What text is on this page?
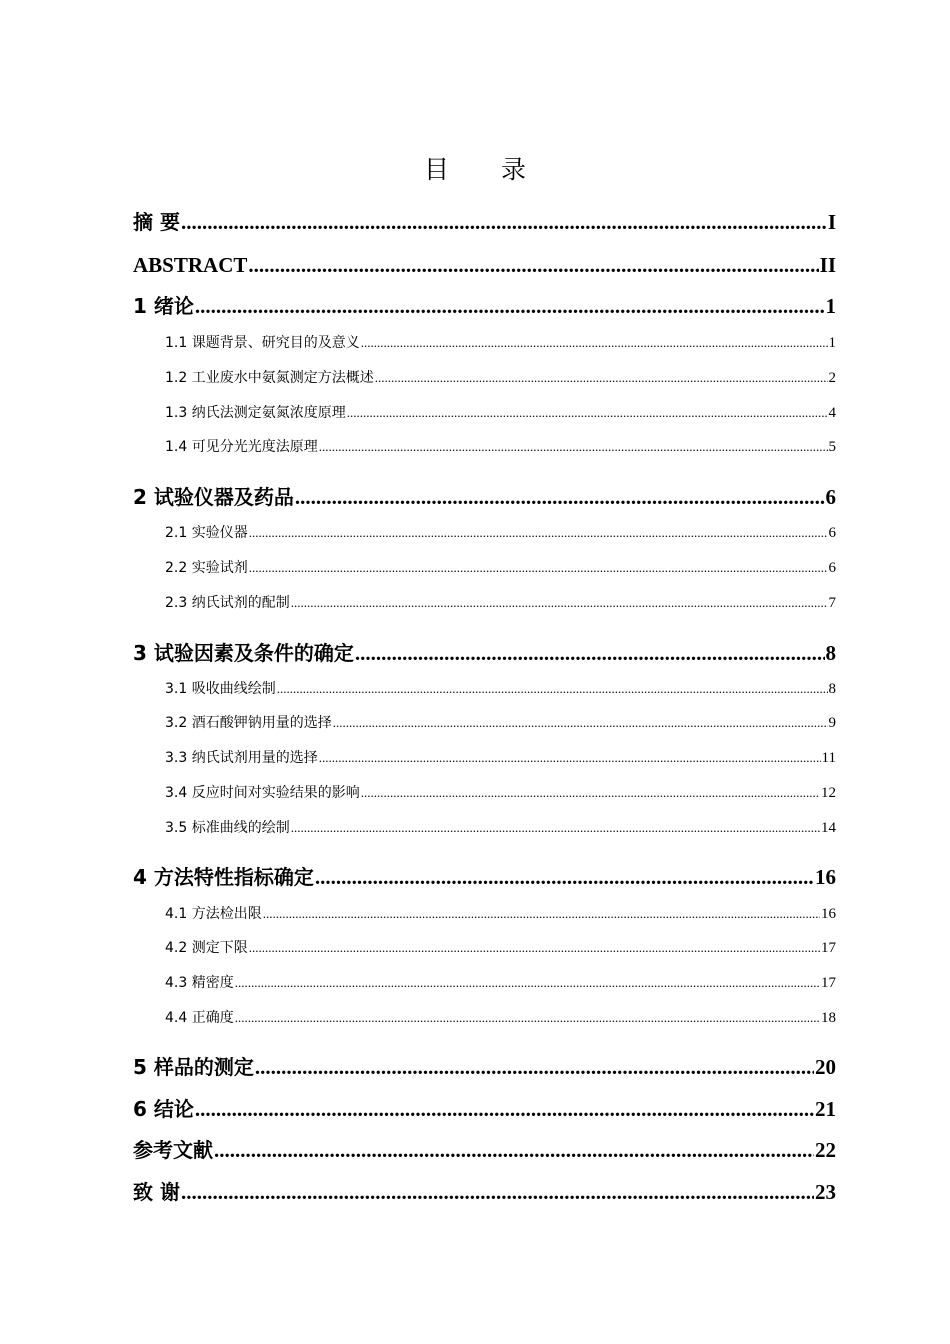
目 录
摘 要 .....	I
ABSTRACT .....	II
1 绪论 .....	1
1.1 课题背景、研究目的及意义 .....	1
1.2 工业废水中氨氮测定方法概述 .....	2
1.3 纳氏法测定氨氮浓度原理 .....	4
1.4 可见分光光度法原理 .....	5
2 试验仪器及药品 .....	6
2.1 实验仪器 .....	6
2.2 实验试剂 .....	6
2.3 纳氏试剂的配制 .....	7
3 试验因素及条件的确定 .....	8
3.1 吸收曲线绘制 .....	8
3.2 酒石酸钾钠用量的选择 .....	9
3.3 纳氏试剂用量的选择 .....	11
3.4 反应时间对实验结果的影响 .....	12
3.5 标准曲线的绘制 .....	14
4 方法特性指标确定 .....	16
4.1 方法检出限 .....	16
4.2 测定下限 .....	17
4.3 精密度 .....	17
4.4 正确度 .....	18
5 样品的测定 .....	20
6 结论 .....	21
参考文献 .....	22
致 谢 .....	23
